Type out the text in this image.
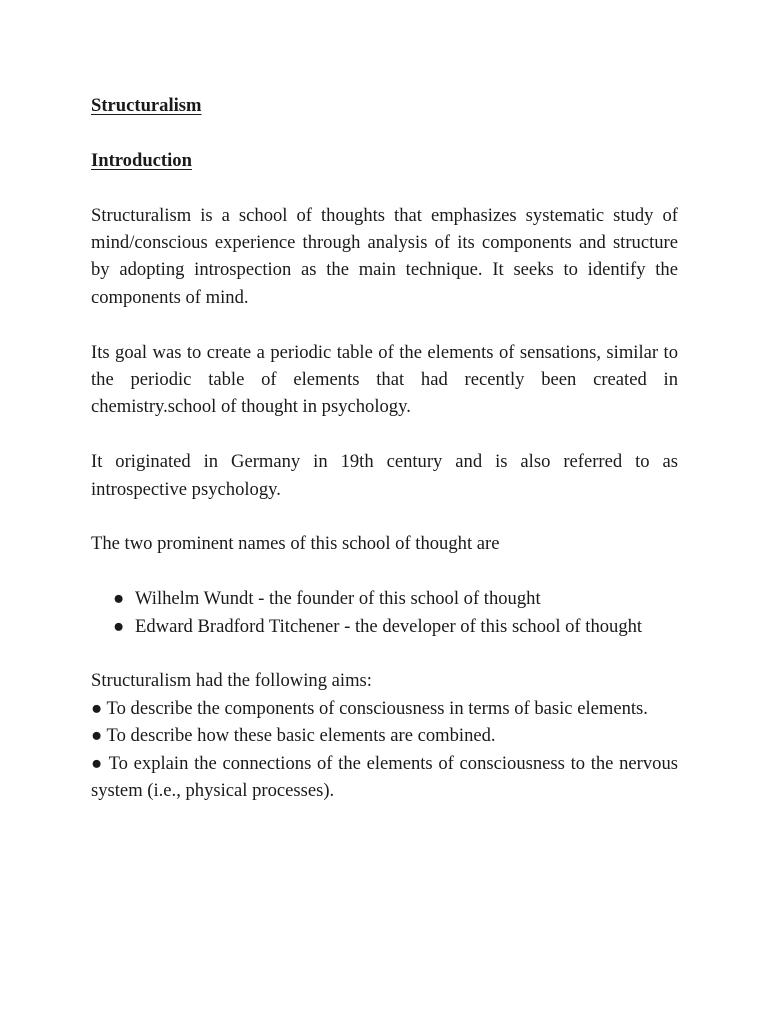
Structuralism

Introduction

Structuralism is a school of thoughts that emphasizes systematic study of mind/conscious experience through analysis of its components and structure by adopting introspection as the main technique. It seeks to identify the components of mind.

Its goal was to create a periodic table of the elements of sensations, similar to the periodic table of elements that had recently been created in chemistry.school of thought in psychology.

It originated in Germany in 19th century and is also referred to as introspective psychology.

The two prominent names of this school of thought are

● Wilhelm Wundt - the founder of this school of thought
● Edward Bradford Titchener - the developer of this school of thought

Structuralism had the following aims:

● To describe the components of consciousness in terms of basic elements.

● To describe how these basic elements are combined.

● To explain the connections of the elements of consciousness to the nervous system (i.e., physical processes).
